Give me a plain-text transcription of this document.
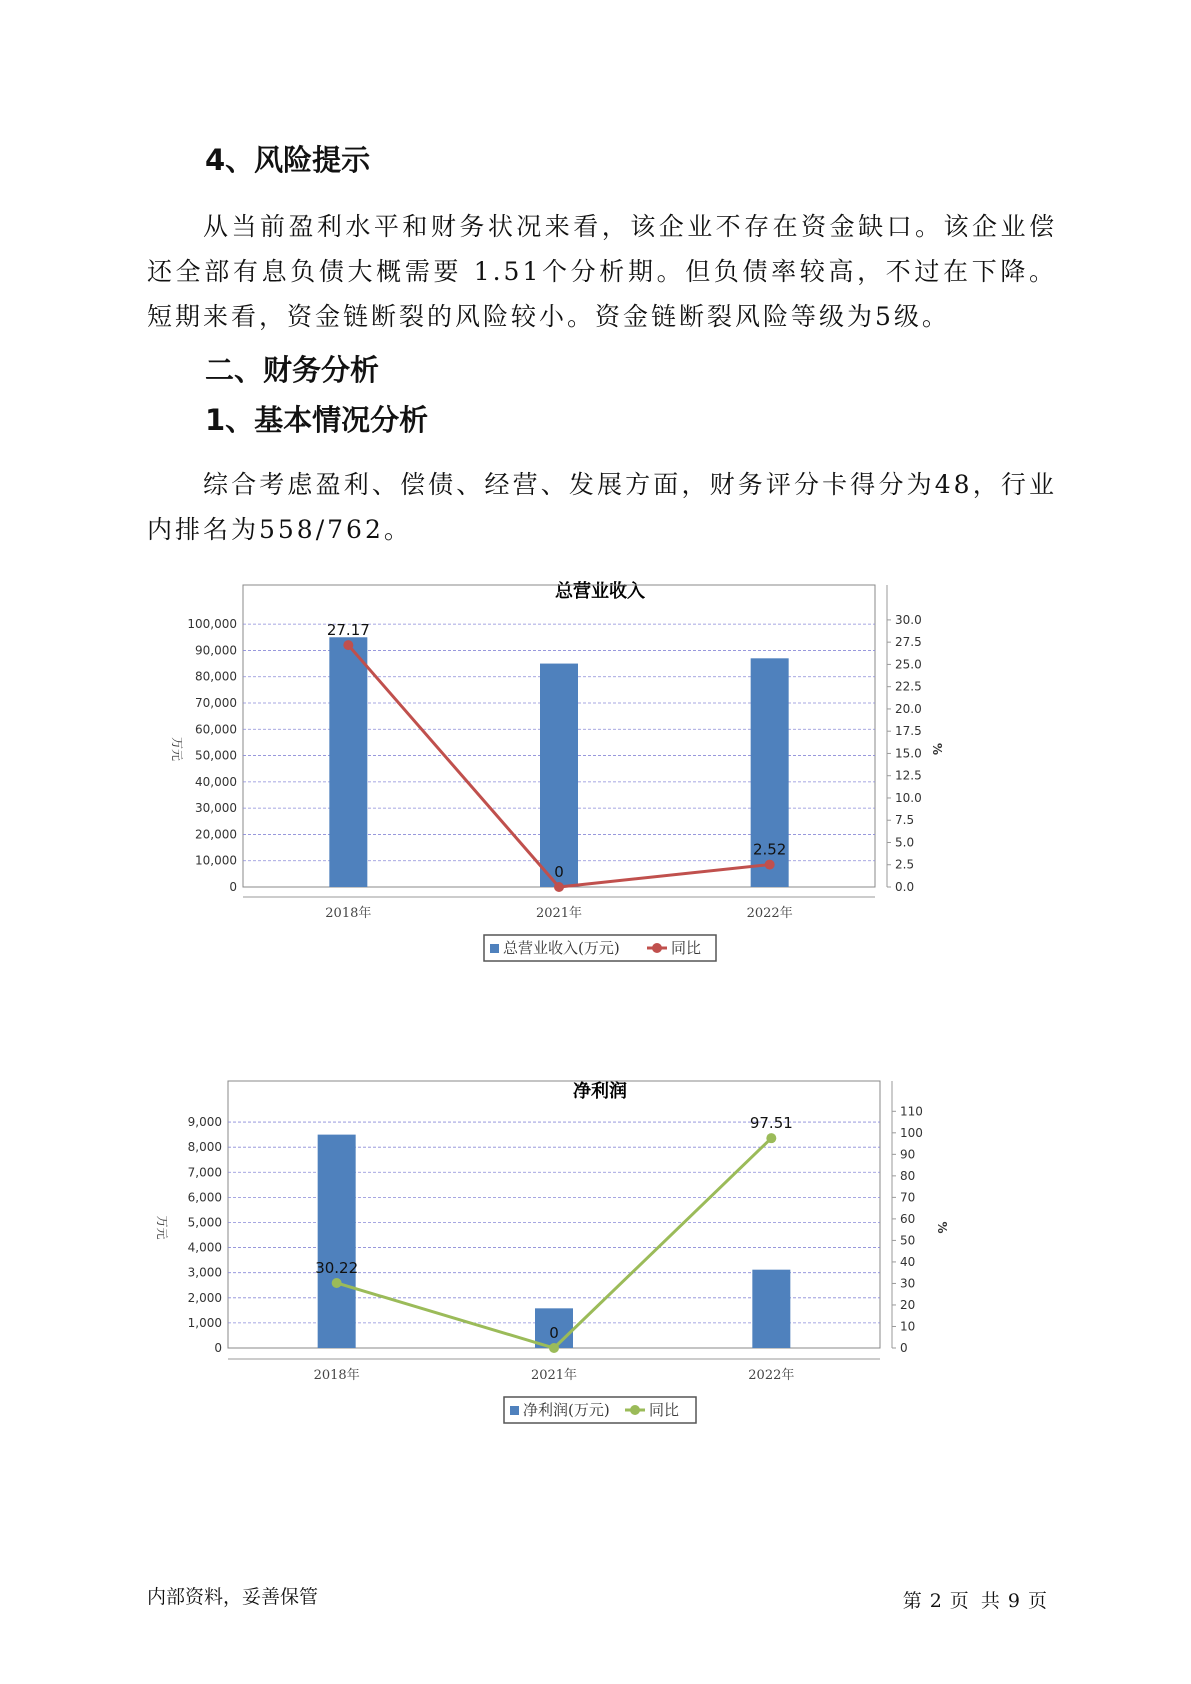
4、风险提示

从当前盈利水平和财务状况来看，该企业不存在资金缺口。该企业偿还全部有息负债大概需要 1.51个分析期。但负债率较高，不过在下降。短期来看，资金链断裂的风险较小。资金链断裂风险等级为5级。

二、财务分析
1、基本情况分析

综合考虑盈利、偿债、经营、发展方面，财务评分卡得分为48，行业内排名为558/762。

总营业收入
0
10,000
20,000
30,000
40,000
50,000
60,000
70,000
80,000
90,000
100,000
0.0
2.5
5.0
7.5
10.0
12.5
15.0
17.5
20.0
22.5
25.0
27.5
30.0
万元	%
2018年	2021年	2022年
27.17
0
2.52
总营业收入(万元)	同比
净利润
0
1,000
2,000
3,000
4,000
5,000
6,000
7,000
8,000
9,000
0
10
20
30
40
50
60
70
80
90
100
110
万元	%
2018年	2021年	2022年
30.22
0
97.51
净利润(万元)	同比
内部资料，妥善保管	第 2 页  共 9 页
